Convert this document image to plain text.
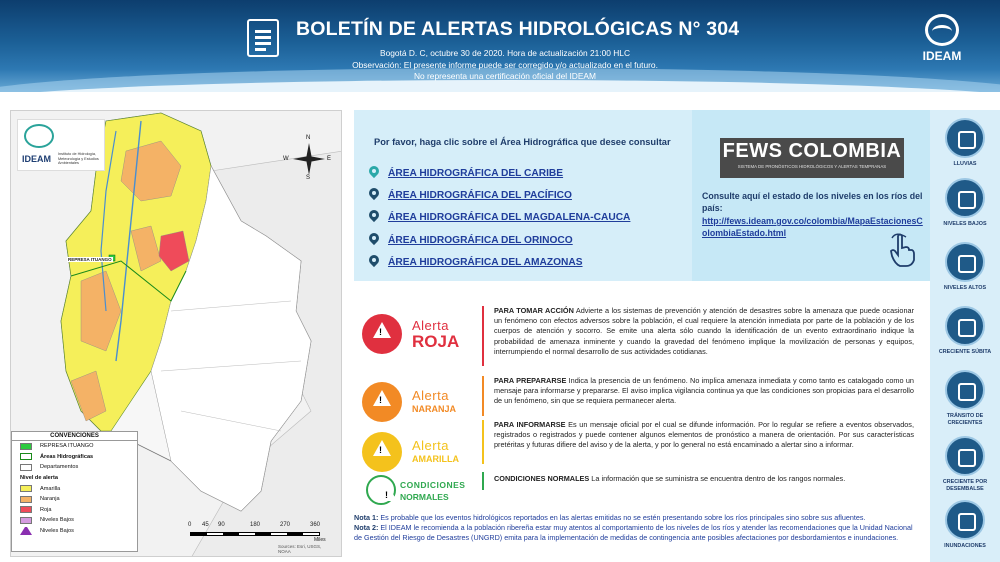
BOLETÍN DE ALERTAS HIDROLÓGICAS N° 304
Bogotá D. C, octubre 30 de 2020. Hora de actualización 21:00 HLC
Observación: El presente informe puede ser corregido y/o actualizado en el futuro.
No representa una certificación oficial del IDEAM
IDEAM
IDEAM Instituto de Hidrología, Meteorología y Estudios Ambientales
N
S
E
W
REPRESA ITUANGO
CONVENCIONES
REPRESA ITUANGO
Áreas Hidrográficas
Departamentos
Nivel de alerta
Amarilla
Naranja
Roja
Niveles Bajos
Niveles Bajos
0 45 90	180	270	360
Miles
Sources: Esri, USGS, NOAA
Por favor, haga clic sobre el Área Hidrográfica que desee consultar
ÁREA HIDROGRÁFICA DEL CARIBE
ÁREA HIDROGRÁFICA DEL PACÍFICO
ÁREA HIDROGRÁFICA DEL MAGDALENA-CAUCA
ÁREA HIDROGRÁFICA DEL ORINOCO
ÁREA HIDROGRÁFICA DEL AMAZONAS
FEWS COLOMBIA
SISTEMA DE PRONÓSTICOS HIDROLÓGICOS Y ALERTAS TEMPRANAS
Consulte aquí el estado de los niveles en los ríos del país:
http://fews.ideam.gov.co/colombia/MapaEstacionesColombiaEstado.html
LLUVIAS
NIVELES BAJOS
NIVELES ALTOS
CRECIENTE SÚBITA
TRÁNSITO DE CRECIENTES
CRECIENTE POR DESEMBALSE
INUNDACIONES
!
Alerta
ROJA
PARA TOMAR ACCIÓN Advierte a los sistemas de prevención y atención de desastres sobre la amenaza que puede ocasionar un fenómeno con efectos adversos sobre la población, el cual requiere la atención inmediata por parte de la población y de los cuerpos de atención y socorro. Se emite una alerta sólo cuando la identificación de un evento extraordinario indique la probabilidad de amenaza inminente y cuando la gravedad del fenómeno implique la movilización de personas y equipos, interrumpiendo el normal desarrollo de sus actividades cotidianas.
!
Alerta
NARANJA
PARA PREPARARSE Indica la presencia de un fenómeno. No implica amenaza inmediata y como tanto es catalogado como un mensaje para informarse y prepararse. El aviso implica vigilancia continua ya que las condiciones son propicias para el desarrollo de un fenómeno, sin que se requiera permanecer alerta.
!
Alerta
AMARILLA
PARA INFORMARSE Es un mensaje oficial por el cual se difunde información. Por lo regular se refiere a eventos observados, registrados o registrados y puede contener algunos elementos de pronóstico a manera de orientación. Por sus características pretéritas y futuras difiere del aviso y de la alerta, y por lo general no está encaminado a alertar sino a informar.
!
CONDICIONES
NORMALES
CONDICIONES NORMALES La información que se suministra se encuentra dentro de los rangos normales.
Nota 1: Es probable que los eventos hidrológicos reportados en las alertas emitidas no se estén presentando sobre los ríos principales sino sobre sus afluentes.
Nota 2: El IDEAM le recomienda a la población ribereña estar muy atentos al comportamiento de los niveles de los ríos y atender las recomendaciones que la Unidad Nacional de Gestión del Riesgo de Desastres (UNGRD) emita para la implementación de medidas de contingencia ante posibles afectaciones por desbordamientos e inundaciones.
